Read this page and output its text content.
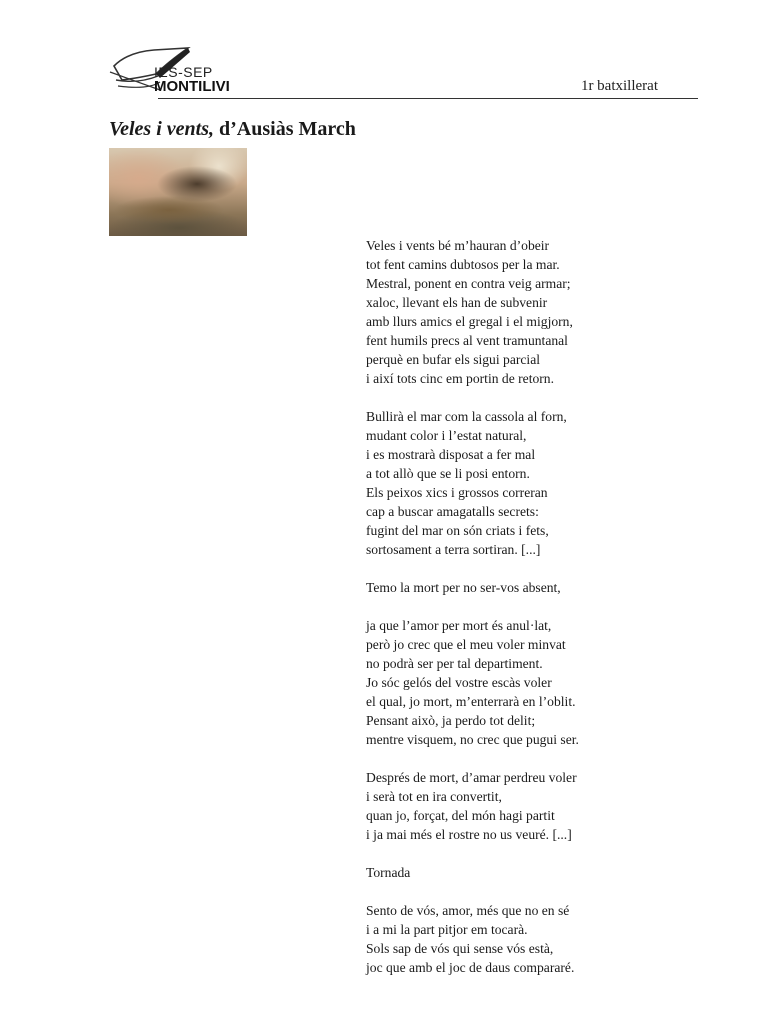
IES-SEP
MONTILIVI	1r batxillerat
Veles i vents, d’Ausiàs March
Veles i vents bé m’hauran d’obeir
tot fent camins dubtosos per la mar.
Mestral, ponent en contra veig armar;
xaloc, llevant els han de subvenir
amb llurs amics el gregal i el migjorn,
fent humils precs al vent tramuntanal
perquè en bufar els sigui parcial
i així tots cinc em portin de retorn.
Bullirà el mar com la cassola al forn,
mudant color i l’estat natural,
i es mostrarà disposat a fer mal
a tot allò que se li posi entorn.
Els peixos xics i grossos correran
cap a buscar amagatalls secrets:
fugint del mar on són criats i fets,
sortosament a terra sortiran. [...]
Temo la mort per no ser-vos absent,
ja que l’amor per mort és anul·lat,
però jo crec que el meu voler minvat
no podrà ser per tal departiment.
Jo sóc gelós del vostre escàs voler
el qual, jo mort, m’enterrarà en l’oblit.
Pensant això, ja perdo tot delit;
mentre visquem, no crec que pugui ser.
Després de mort, d’amar perdreu voler
i serà tot en ira convertit,
quan jo, forçat, del món hagi partit
i ja mai més el rostre no us veuré. [...]
Tornada
Sento de vós, amor, més que no en sé
i a mi la part pitjor em tocarà.
Sols sap de vós qui sense vós està,
joc que amb el joc de daus compararé.
